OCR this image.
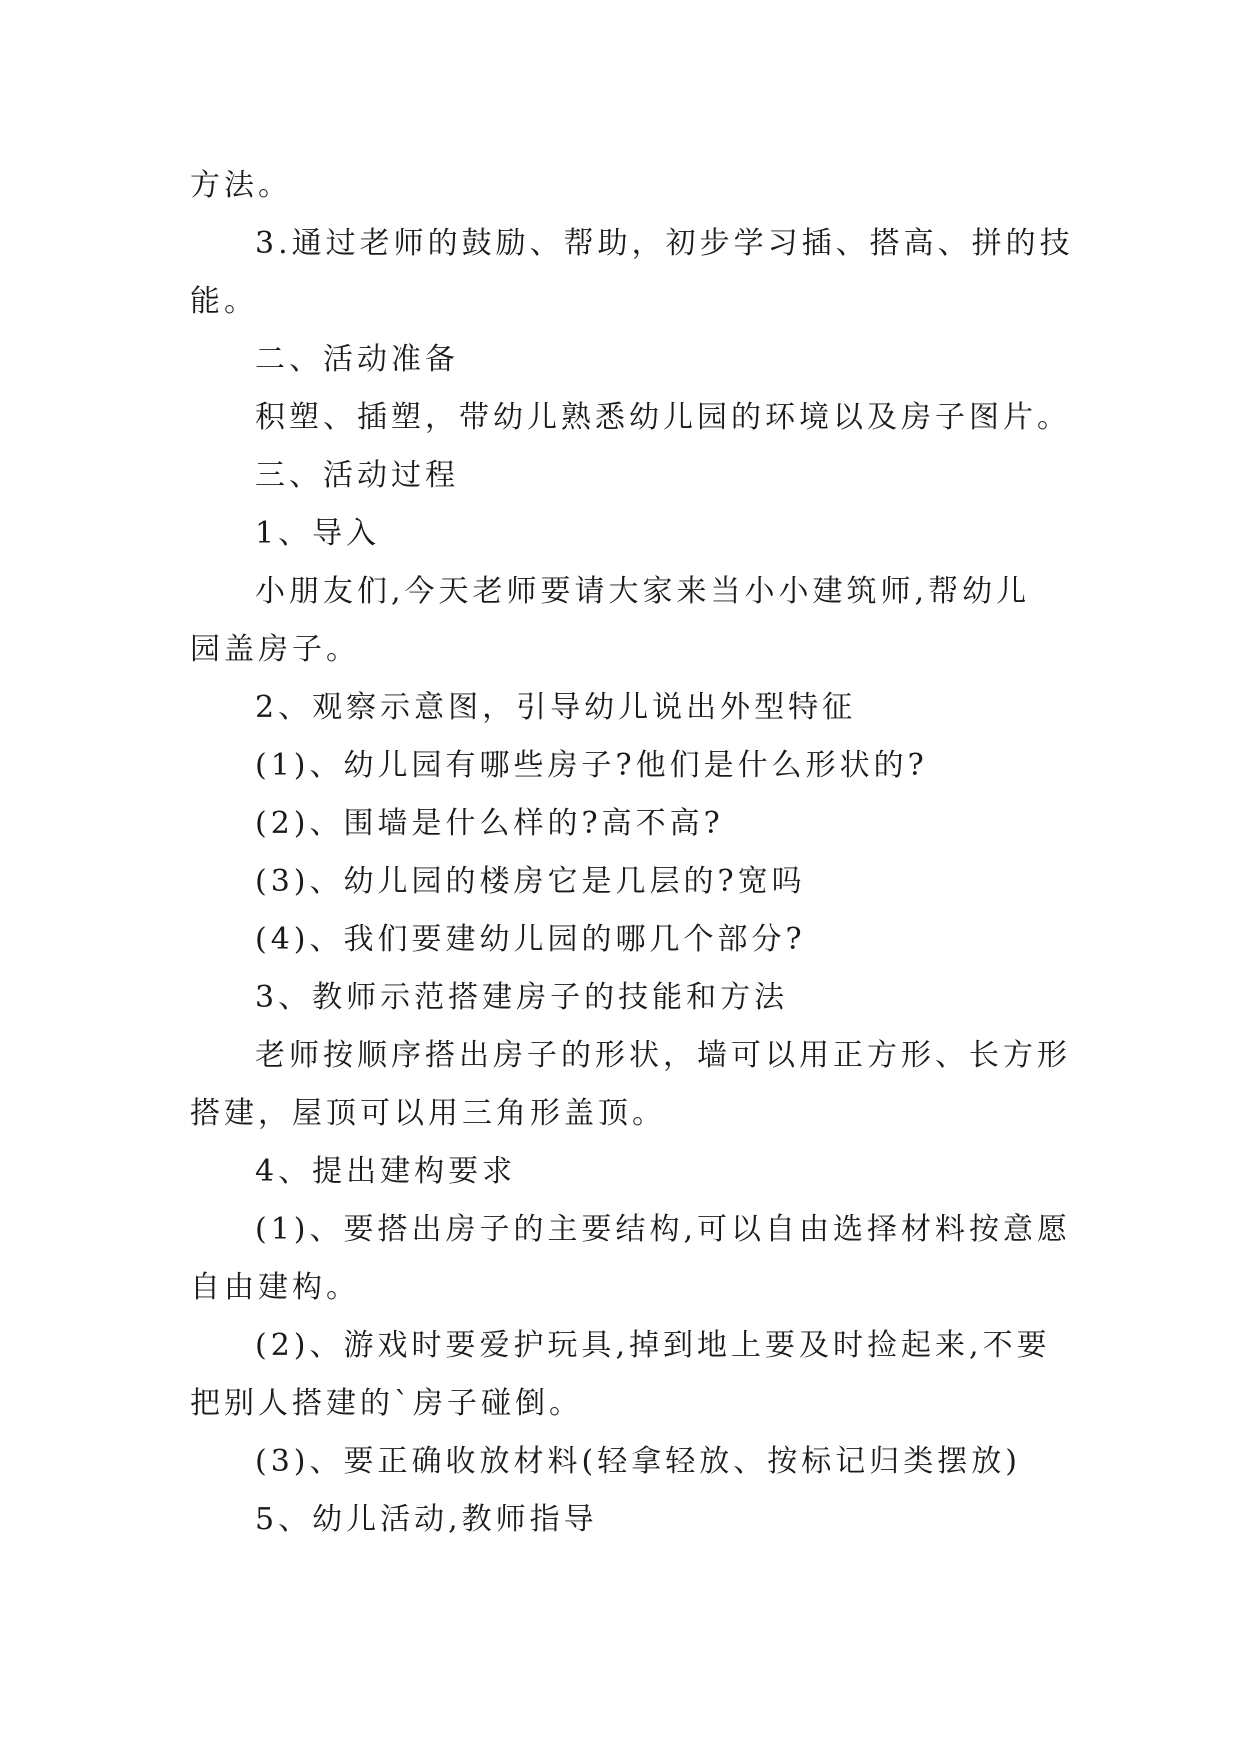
方法。
3.通过老师的鼓励、帮助，初步学习插、搭高、拼的技
能。
二、活动准备
积塑、插塑，带幼儿熟悉幼儿园的环境以及房子图片。
三、活动过程
1、导入
小朋友们,今天老师要请大家来当小小建筑师,帮幼儿
园盖房子。
2、观察示意图，引导幼儿说出外型特征
(1)、幼儿园有哪些房子?他们是什么形状的?
(2)、围墙是什么样的?高不高?
(3)、幼儿园的楼房它是几层的?宽吗
(4)、我们要建幼儿园的哪几个部分?
3、教师示范搭建房子的技能和方法
老师按顺序搭出房子的形状，墙可以用正方形、长方形
搭建，屋顶可以用三角形盖顶。
4、提出建构要求
(1)、要搭出房子的主要结构,可以自由选择材料按意愿
自由建构。
(2)、游戏时要爱护玩具,掉到地上要及时捡起来,不要
把别人搭建的`房子碰倒。
(3)、要正确收放材料(轻拿轻放、按标记归类摆放)
5、幼儿活动,教师指导
